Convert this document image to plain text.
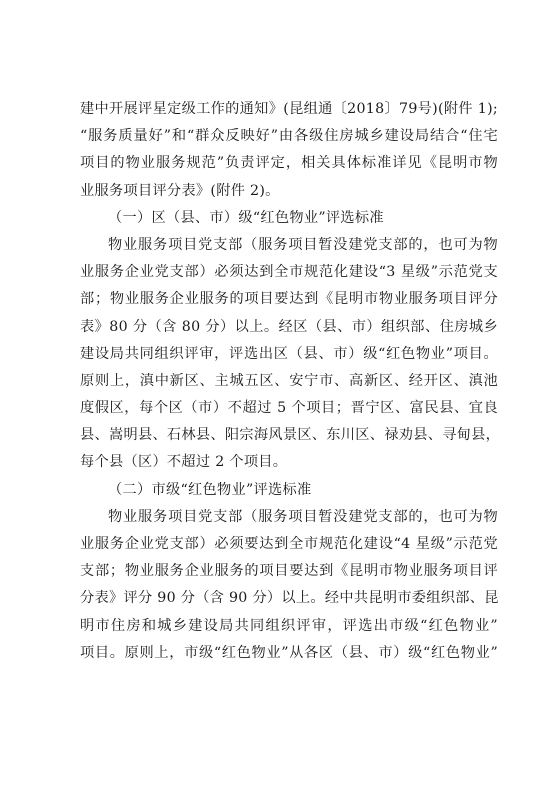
建中开展评星定级工作的通知》(昆组通〔2018〕79号)(附件 1);
“服务质量好”和“群众反映好”由各级住房城乡建设局结合“住宅
项目的物业服务规范”负责评定，相关具体标准详见《昆明市物
业服务项目评分表》(附件 2)。
（一）区（县、市）级“红色物业”评选标准
物业服务项目党支部（服务项目暂没建党支部的，也可为物
业服务企业党支部）必须达到全市规范化建设“3 星级”示范党支
部；物业服务企业服务的项目要达到《昆明市物业服务项目评分
表》80 分（含 80 分）以上。经区（县、市）组织部、住房城乡
建设局共同组织评审，评选出区（县、市）级“红色物业”项目。
原则上，滇中新区、主城五区、安宁市、高新区、经开区、滇池
度假区，每个区（市）不超过 5 个项目；晋宁区、富民县、宜良
县、嵩明县、石林县、阳宗海风景区、东川区、禄劝县、寻甸县，
每个县（区）不超过 2 个项目。
（二）市级“红色物业”评选标准
物业服务项目党支部（服务项目暂没建党支部的，也可为物
业服务企业党支部）必须要达到全市规范化建设“4 星级”示范党
支部；物业服务企业服务的项目要达到《昆明市物业服务项目评
分表》评分 90 分（含 90 分）以上。经中共昆明市委组织部、昆
明市住房和城乡建设局共同组织评审，评选出市级“红色物业”
项目。原则上，市级“红色物业”从各区（县、市）级“红色物业”
